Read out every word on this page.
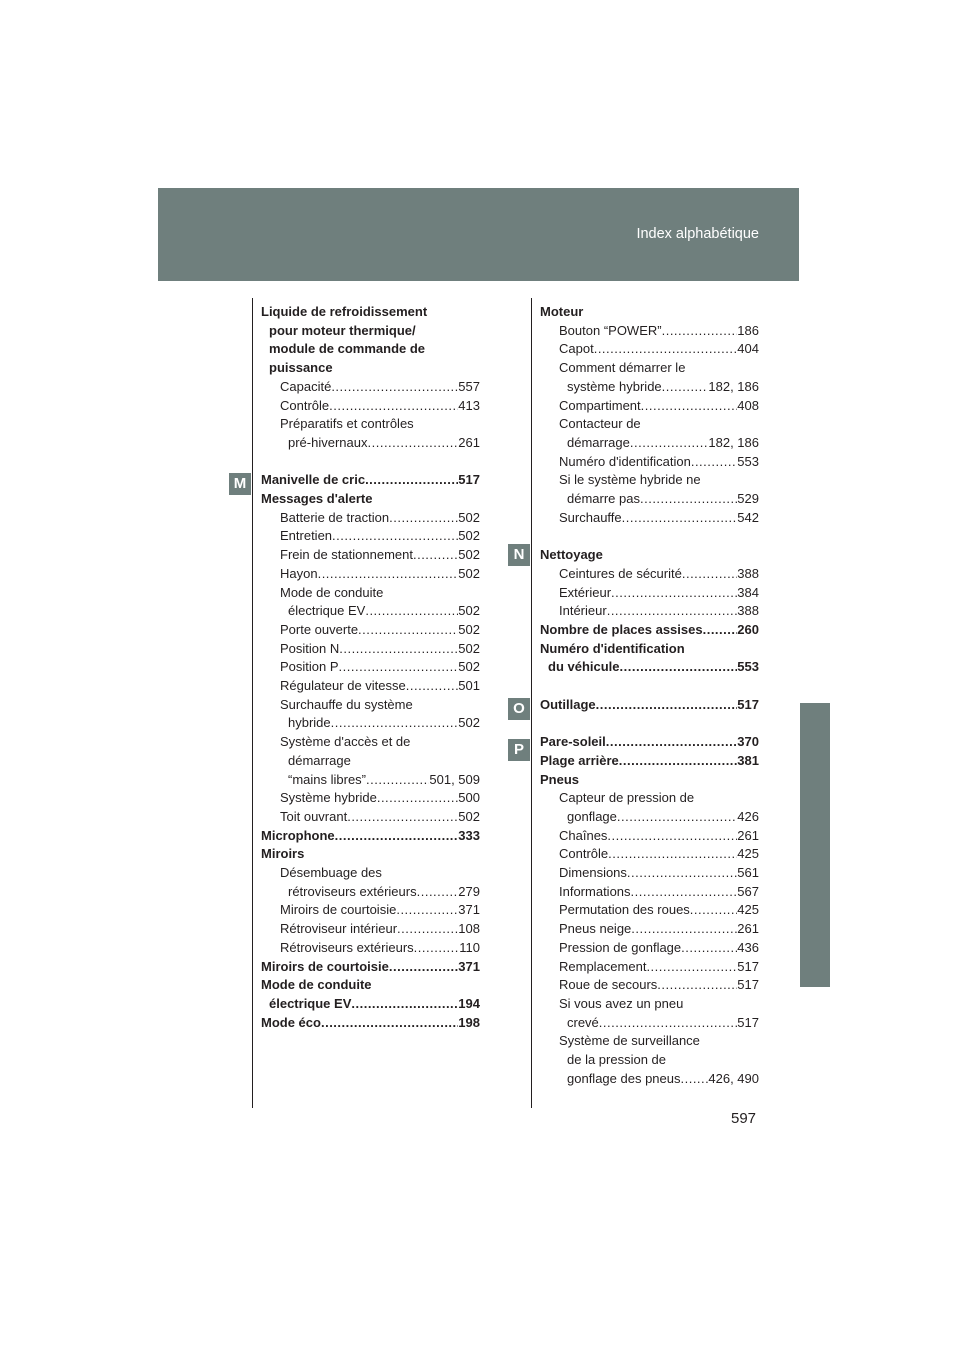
Index alphabétique
M
N
O
P
Liquide de refroidissement
pour moteur thermique/
module de commande de
puissance
Capacité .....	557
Contrôle .....	413
Préparatifs et contrôles
pré-hivernaux .....	261
Manivelle de cric .....	517
Messages d'alerte
Batterie de traction .....	502
Entretien .....	502
Frein de stationnement .....	502
Hayon .....	502
Mode de conduite
électrique EV .....	502
Porte ouverte .....	502
Position N .....	502
Position P .....	502
Régulateur de vitesse .....	501
Surchauffe du système
hybride .....	502
Système d'accès et de
démarrage
“mains libres” .....	501, 509
Système hybride .....	500
Toit ouvrant .....	502
Microphone .....	333
Miroirs
Désembuage des
rétroviseurs extérieurs .....	279
Miroirs de courtoisie .....	371
Rétroviseur intérieur .....	108
Rétroviseurs extérieurs .....	110
Miroirs de courtoisie .....	371
Mode de conduite
électrique EV .....	194
Mode éco .....	198
Moteur
Bouton “POWER” .....	186
Capot .....	404
Comment démarrer le
système hybride .....	182, 186
Compartiment .....	408
Contacteur de
démarrage .....	182, 186
Numéro d'identification .....	553
Si le système hybride ne
démarre pas .....	529
Surchauffe .....	542
Nettoyage
Ceintures de sécurité .....	388
Extérieur .....	384
Intérieur .....	388
Nombre de places assises .....	260
Numéro d'identification
du véhicule .....	553
Outillage .....	517
Pare-soleil .....	370
Plage arrière .....	381
Pneus
Capteur de pression de
gonflage .....	426
Chaînes .....	261
Contrôle .....	425
Dimensions .....	561
Informations .....	567
Permutation des roues .....	425
Pneus neige .....	261
Pression de gonflage .....	436
Remplacement .....	517
Roue de secours .....	517
Si vous avez un pneu
crevé .....	517
Système de surveillance
de la pression de
gonflage des pneus ..... 426, 490
597
